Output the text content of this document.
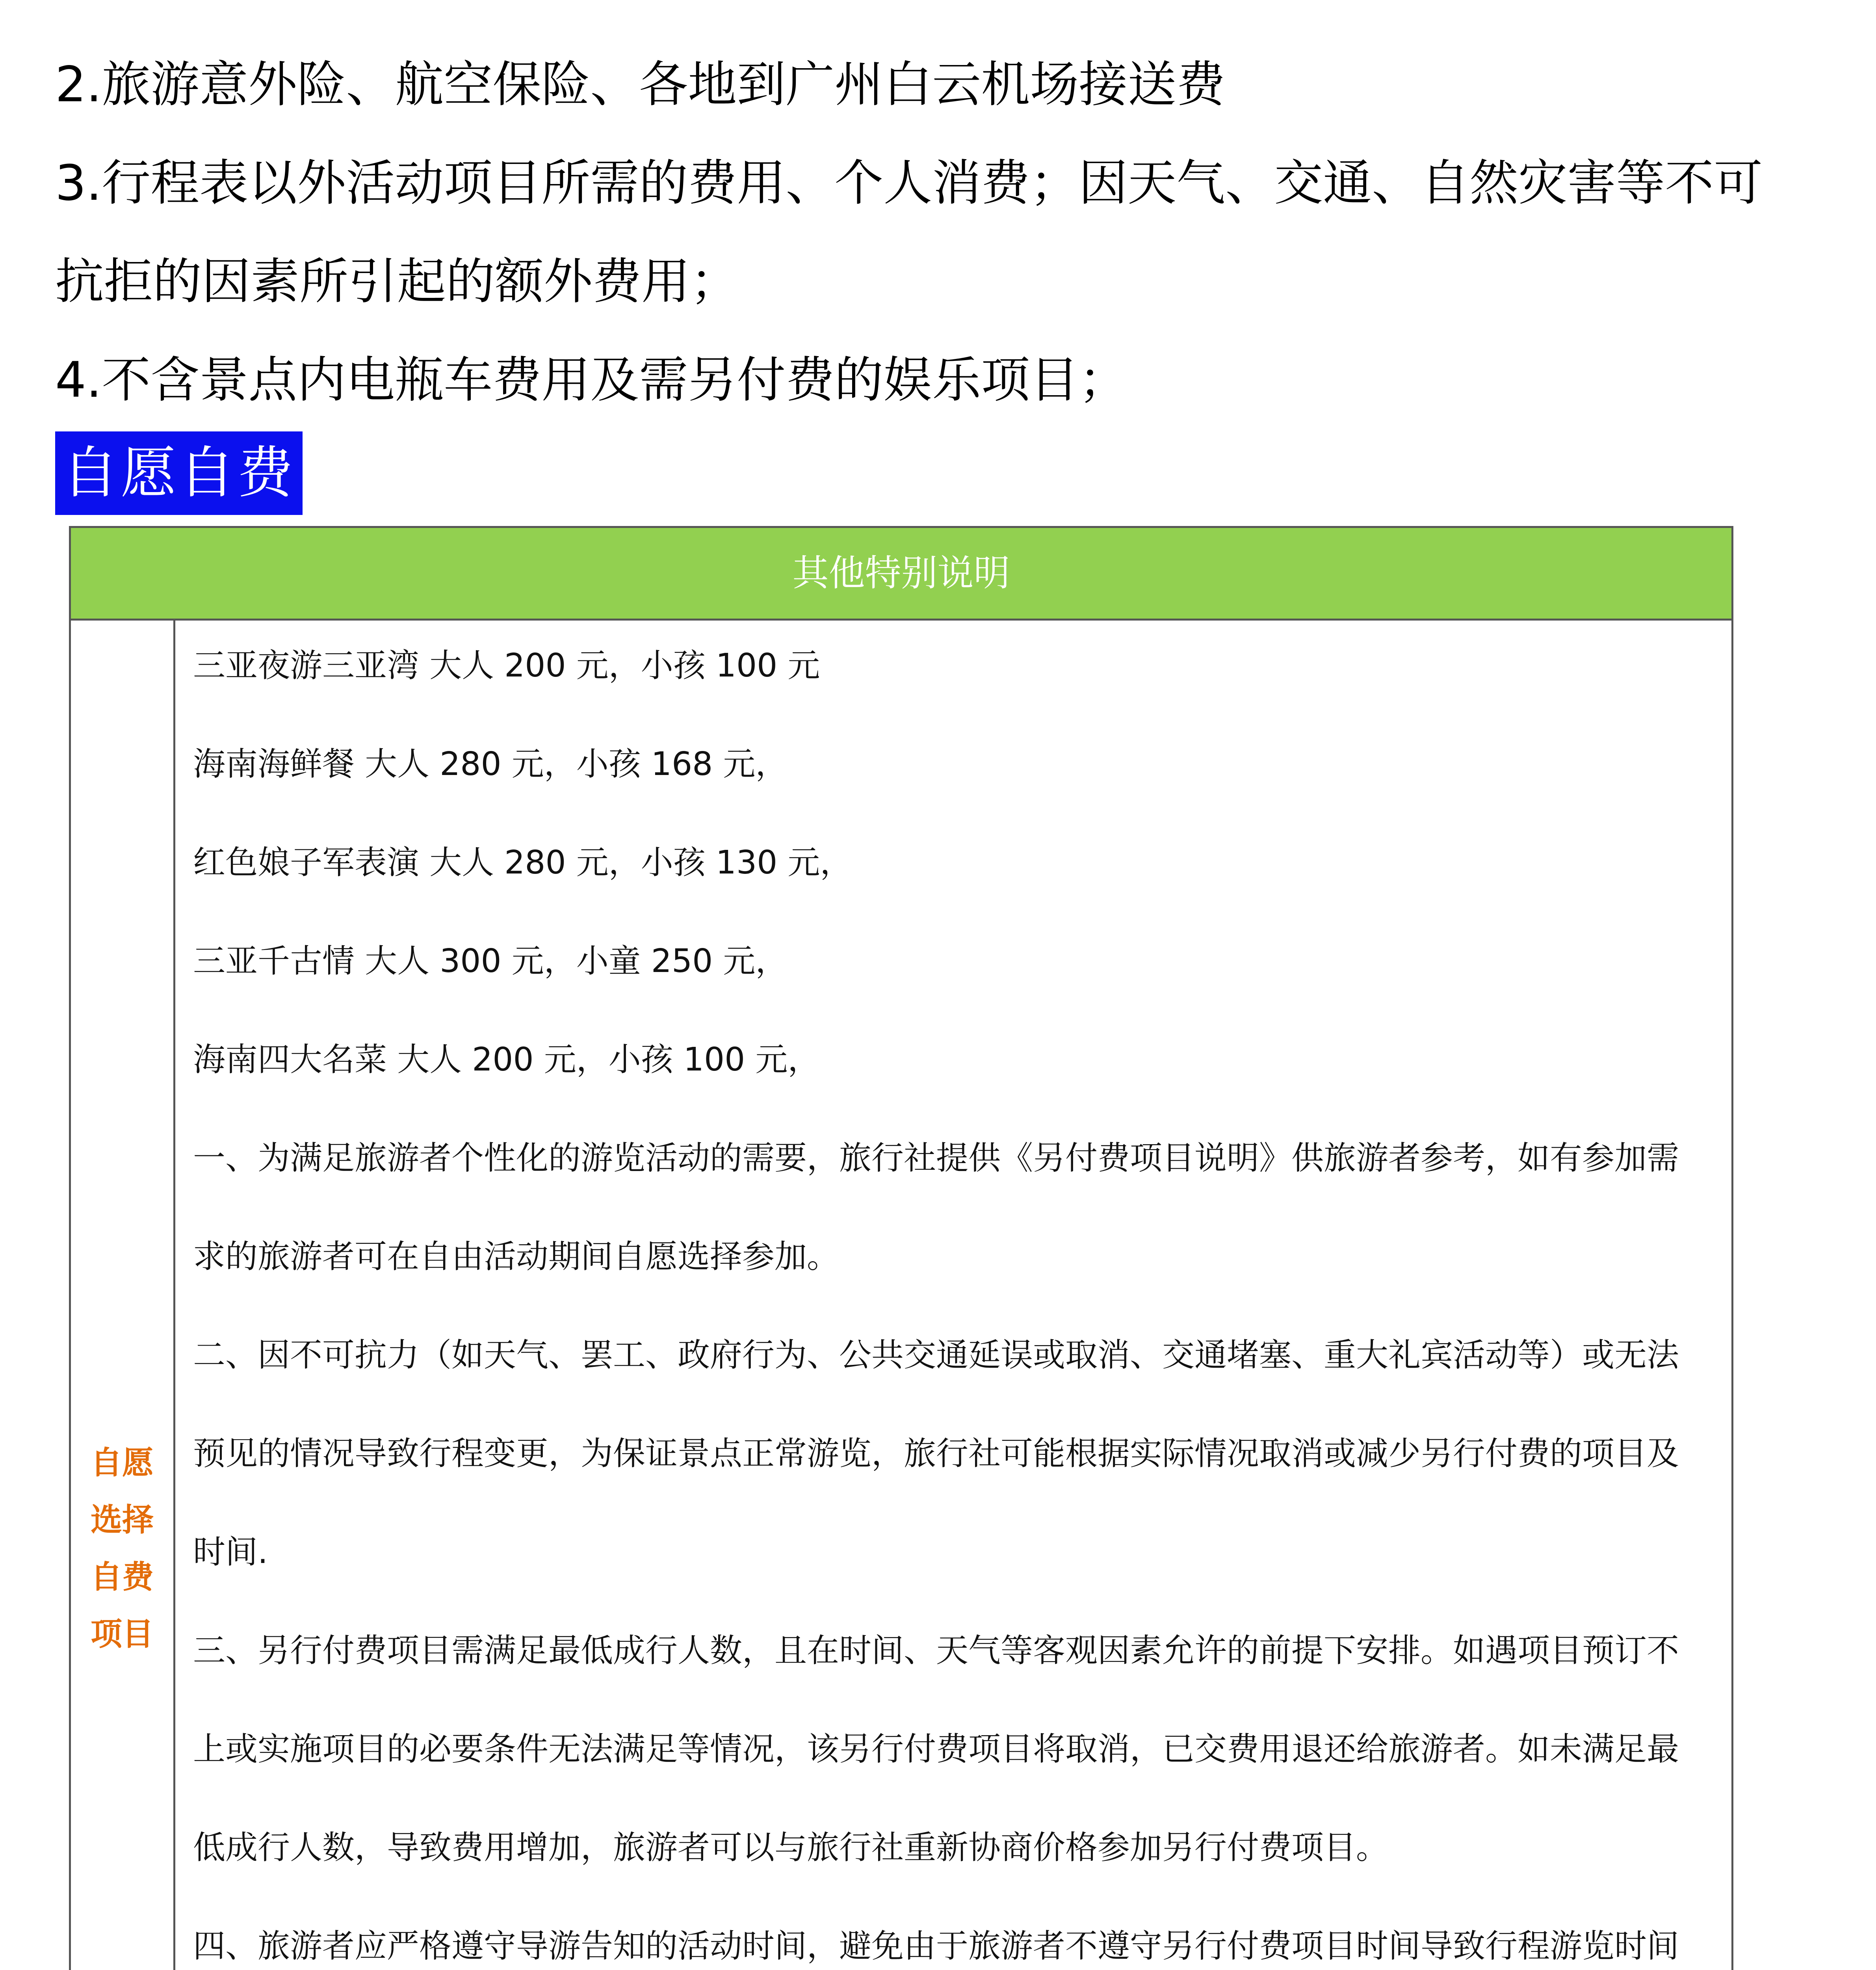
2.旅游意外险、航空保险、各地到广州白云机场接送费
3.行程表以外活动项目所需的费用、个人消费；因天气、交通、自然灾害等不可
抗拒的因素所引起的额外费用；
4.不含景点内电瓶车费用及需另付费的娱乐项目；
自愿自费
其他特别说明
自愿选择自费项目
三亚夜游三亚湾 大人 200 元，小孩 100 元
海南海鲜餐 大人 280 元，小孩 168 元，
红色娘子军表演 大人 280 元，小孩 130 元，
三亚千古情 大人 300 元，小童 250 元，
海南四大名菜 大人 200 元，小孩 100 元，
一、为满足旅游者个性化的游览活动的需要，旅行社提供《另付费项目说明》供旅游者参考，如有参加需
求的旅游者可在自由活动期间自愿选择参加。
二、因不可抗力（如天气、罢工、政府行为、公共交通延误或取消、交通堵塞、重大礼宾活动等）或无法
预见的情况导致行程变更，为保证景点正常游览，旅行社可能根据实际情况取消或减少另行付费的项目及
时间.
三、另行付费项目需满足最低成行人数，且在时间、天气等客观因素允许的前提下安排。如遇项目预订不
上或实施项目的必要条件无法满足等情况，该另行付费项目将取消，已交费用退还给旅游者。如未满足最
低成行人数，导致费用增加，旅游者可以与旅行社重新协商价格参加另行付费项目。
四、旅游者应严格遵守导游告知的活动时间，避免由于旅游者不遵守另行付费项目时间导致行程游览时间
